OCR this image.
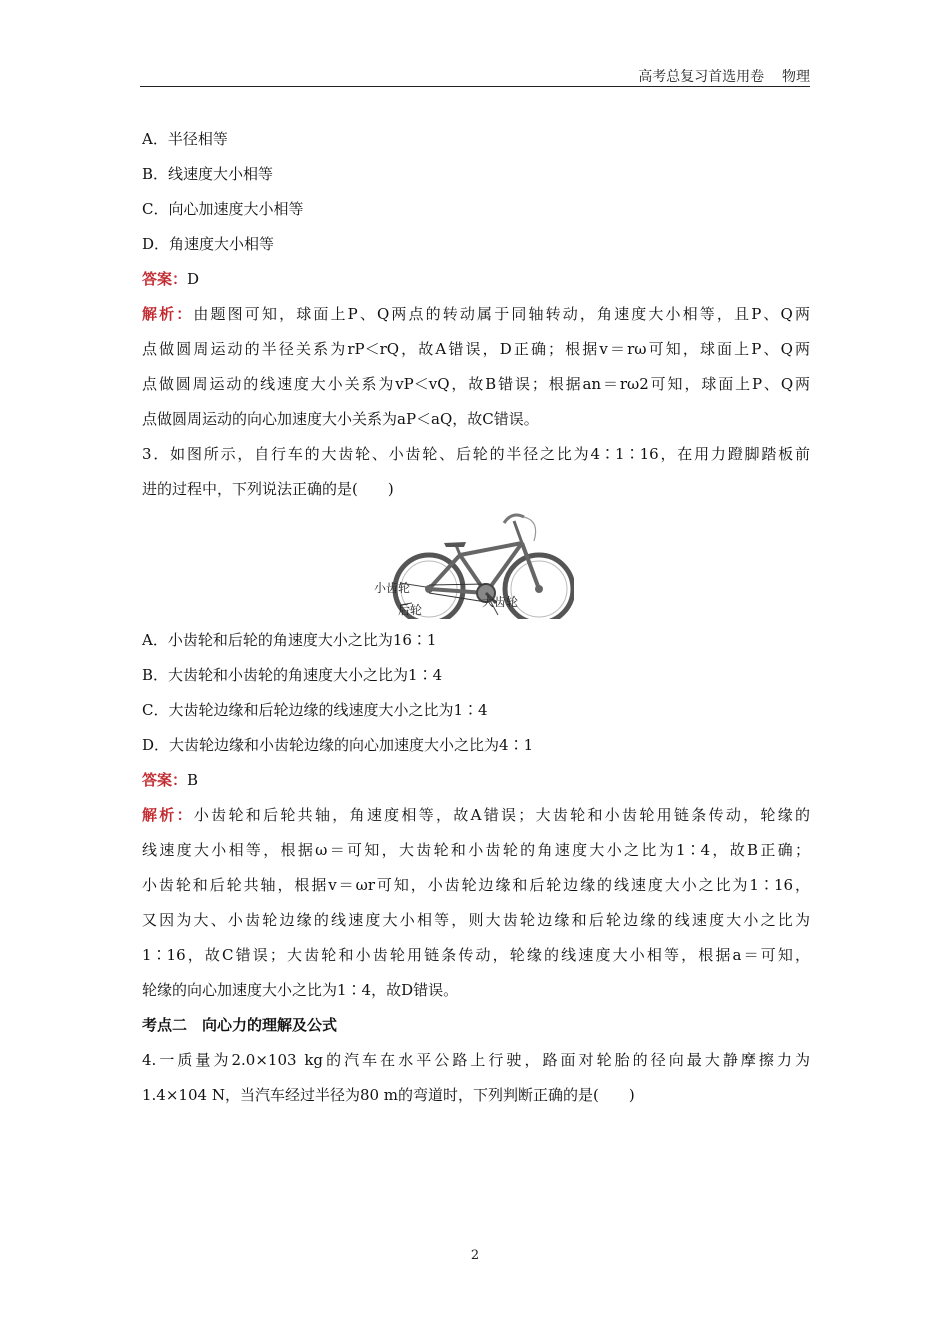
高考总复习首选用卷    物理
A．半径相等
B．线速度大小相等
C．向心加速度大小相等
D．角速度大小相等
答案：D
解析：由题图可知，球面上P、Q两点的转动属于同轴转动，角速度大小相等，且P、Q两
点做圆周运动的半径关系为rP＜rQ，故A错误，D正确；根据v＝rω可知，球面上P、Q两
点做圆周运动的线速度大小关系为vP＜vQ，故B错误；根据an＝rω2可知，球面上P、Q两
点做圆周运动的向心加速度大小关系为aP＜aQ，故C错误。
3．如图所示，自行车的大齿轮、小齿轮、后轮的半径之比为4∶1∶16，在用力蹬脚踏板前
进的过程中，下列说法正确的是(　　)
小齿轮
后轮
大齿轮
A．小齿轮和后轮的角速度大小之比为16∶1
B．大齿轮和小齿轮的角速度大小之比为1∶4
C．大齿轮边缘和后轮边缘的线速度大小之比为1∶4
D．大齿轮边缘和小齿轮边缘的向心加速度大小之比为4∶1
答案：B
解析：小齿轮和后轮共轴，角速度相等，故A错误；大齿轮和小齿轮用链条传动，轮缘的
线速度大小相等，根据ω＝可知，大齿轮和小齿轮的角速度大小之比为1∶4，故B正确；
小齿轮和后轮共轴，根据v＝ωr可知，小齿轮边缘和后轮边缘的线速度大小之比为1∶16，
又因为大、小齿轮边缘的线速度大小相等，则大齿轮边缘和后轮边缘的线速度大小之比为
1∶16，故C错误；大齿轮和小齿轮用链条传动，轮缘的线速度大小相等，根据a＝可知，
轮缘的向心加速度大小之比为1∶4，故D错误。
考点二　向心力的理解及公式
4.一质量为2.0×103 kg的汽车在水平公路上行驶，路面对轮胎的径向最大静摩擦力为
1.4×104 N，当汽车经过半径为80 m的弯道时，下列判断正确的是(　　)
2
